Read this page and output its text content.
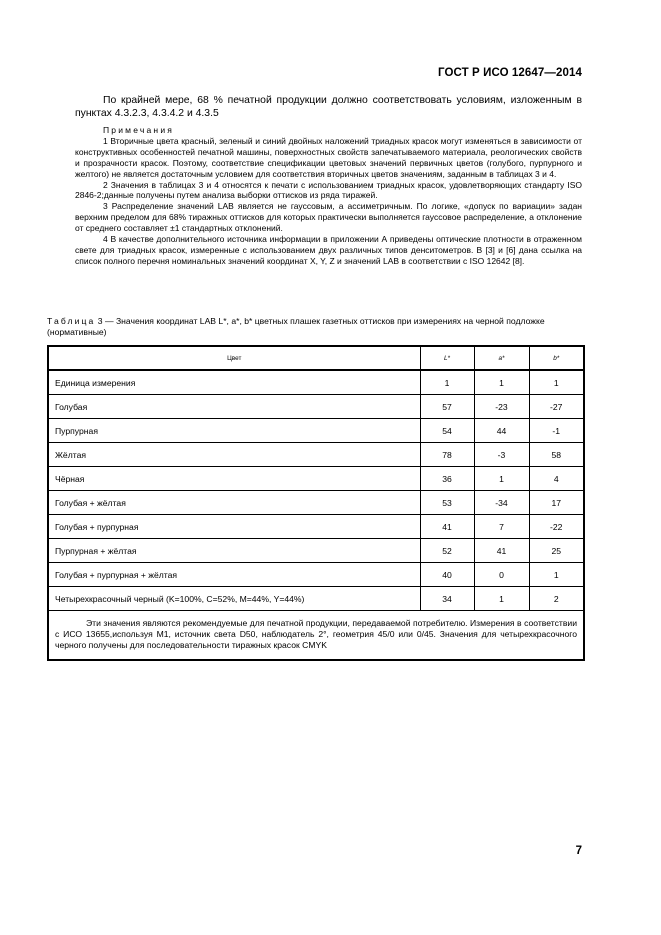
ГОСТ Р ИСО 12647—2014

По крайней мере, 68 % печатной продукции должно соответствовать условиям, изложенным в пунктах 4.3.2.3, 4.3.4.2 и 4.3.5

Примечания

1 Вторичные цвета красный, зеленый и синий двойных наложений триадных красок могут изменяться в зависимости от конструктивных особенностей печатной машины, поверхностных свойств запечатываемого материала, реологических свойств и прозрачности красок. Поэтому, соответствие спецификации цветовых значений первичных цветов (голубого, пурпурного и желтого) не является достаточным условием для соответствия вторичных цветов значениям, заданным в таблицах 3 и 4.

2 Значения в таблицах 3 и 4 относятся к печати с использованием триадных красок, удовлетворяющих стандарту ISO 2846-2;данные получены путем анализа выборки оттисков из ряда тиражей.

3 Распределение значений LAB является не гауссовым, а ассиметричным. По логике, «допуск по вариации» задан верхним пределом для 68% тиражных оттисков для которых практически выполняется гауссовое распределение, а отклонение от среднего составляет ±1 стандартных отклонений.

4 В качестве дополнительного источника информации в приложении А приведены оптические плотности в отраженном свете для триадных красок, измеренные с использованием двух различных типов денситометров. В [3] и [6] дана ссылка на список полного перечня номинальных значений координат X, Y, Z и значений LAB в соответствии с ISO 12642 [8].

Таблица 3 — Значения координат LAB L*, a*, b* цветных плашек газетных оттисков при измерениях на черной подложке (нормативные)
Цвет	L*	a*	b*
Единица измерения	1	1	1
Голубая	57	-23	-27
Пурпурная	54	44	-1
Жёлтая	78	-3	58
Чёрная	36	1	4
Голубая + жёлтая	53	-34	17
Голубая + пурпурная	41	7	-22
Пурпурная + жёлтая	52	41	25
Голубая + пурпурная + жёлтая	40	0	1
Четырехкрасочный черный (K=100%, C=52%, M=44%, Y=44%)	34	1	2

Эти значения являются рекомендуемые для печатной продукции, передаваемой потребителю. Измерения в соответствии с ИСО 13655,используя M1, источник света D50, наблюдатель 2°, геометрия 45/0 или 0/45. Значения для четырехкрасочного черного получены для последовательности тиражных красок CMYK			
7
